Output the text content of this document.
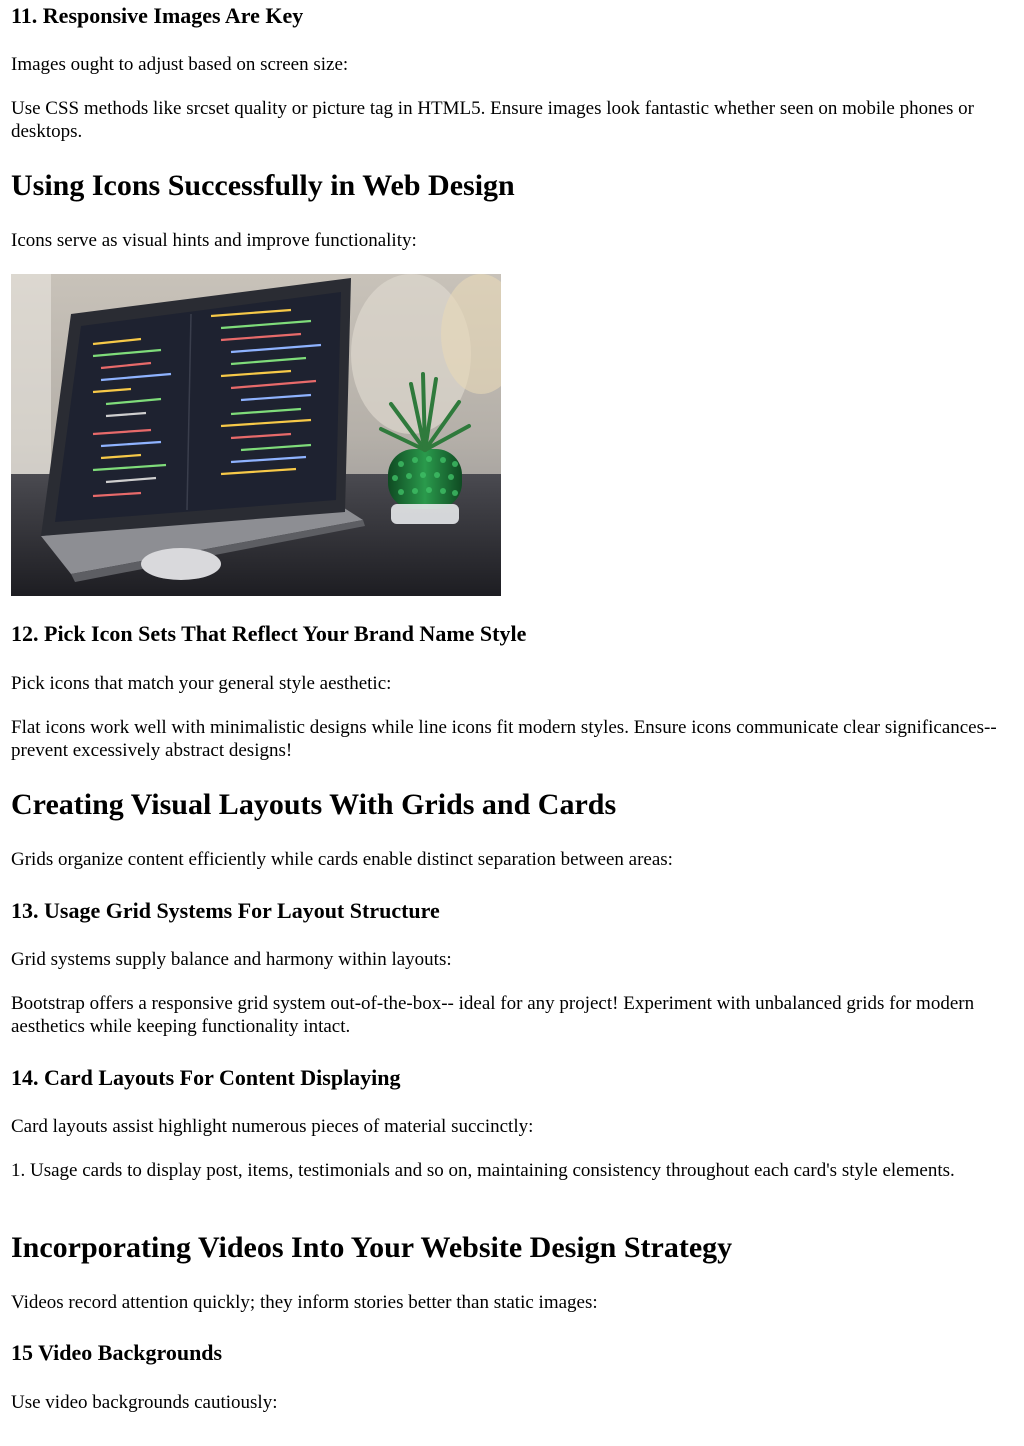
11. Responsive Images Are Key

Images ought to adjust based on screen size:

Use CSS methods like srcset quality or picture tag in HTML5. Ensure images look fantastic whether seen on mobile phones or desktops.

Using Icons Successfully in Web Design

Icons serve as visual hints and improve functionality:

12. Pick Icon Sets That Reflect Your Brand Name Style

Pick icons that match your general style aesthetic:

Flat icons work well with minimalistic designs while line icons fit modern styles. Ensure icons communicate clear significances-- prevent excessively abstract designs!

Creating Visual Layouts With Grids and Cards

Grids organize content efficiently while cards enable distinct separation between areas:

13. Usage Grid Systems For Layout Structure

Grid systems supply balance and harmony within layouts:

Bootstrap offers a responsive grid system out-of-the-box-- ideal for any project! Experiment with unbalanced grids for modern aesthetics while keeping functionality intact.

14. Card Layouts For Content Displaying

Card layouts assist highlight numerous pieces of material succinctly:

1. Usage cards to display post, items, testimonials and so on, maintaining consistency throughout each card's style elements.

Incorporating Videos Into Your Website Design Strategy

Videos record attention quickly; they inform stories better than static images:

15 Video Backgrounds

Use video backgrounds cautiously:
